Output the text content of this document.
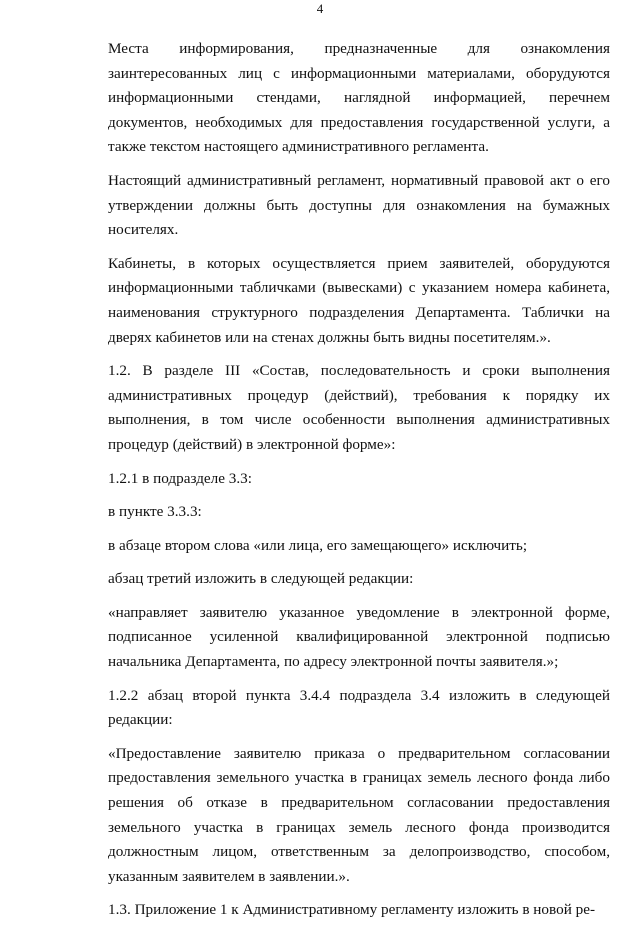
4

Места информирования, предназначенные для ознакомления заинтересованных лиц с информационными материалами, оборудуются информационными стендами, наглядной информацией, перечнем документов, необходимых для предоставления государственной услуги, а также текстом настоящего административного регламента.

Настоящий административный регламент, нормативный правовой акт о его утверждении должны быть доступны для ознакомления на бумажных носителях.

Кабинеты, в которых осуществляется прием заявителей, оборудуются информационными табличками (вывесками) с указанием номера кабинета, наименования структурного подразделения Департамента. Таблички на дверях кабинетов или на стенах должны быть видны посетителям.».

1.2. В разделе III «Состав, последовательность и сроки выполнения административных процедур (действий), требования к порядку их выполнения, в том числе особенности выполнения административных процедур (действий) в электронной форме»:

1.2.1 в подразделе 3.3:

в пункте 3.3.3:

в абзаце втором слова «или лица, его замещающего» исключить;

абзац третий изложить в следующей редакции:

«направляет заявителю указанное уведомление в электронной форме, подписанное усиленной квалифицированной электронной подписью начальника Департамента, по адресу электронной почты заявителя.»;

1.2.2 абзац второй пункта 3.4.4 подраздела 3.4 изложить в следующей редакции:

«Предоставление заявителю приказа о предварительном согласовании предоставления земельного участка в границах земель лесного фонда либо решения об отказе в предварительном согласовании предоставления земельного участка в границах земель лесного фонда производится должностным лицом, ответственным за делопроизводство, способом, указанным заявителем в заявлении.».

1.3. Приложение 1 к Административному регламенту изложить в новой ре-
